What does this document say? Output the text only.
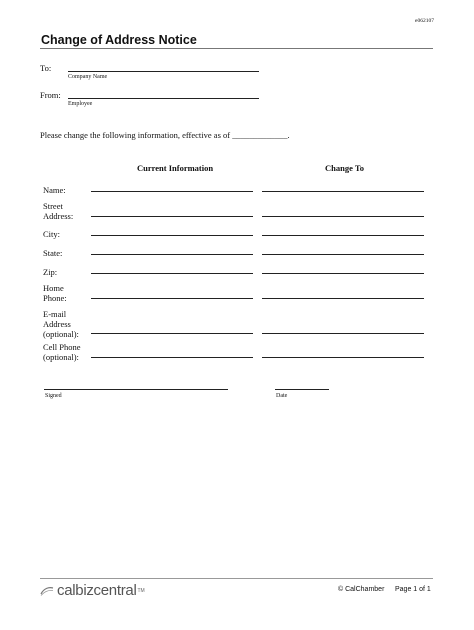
e062107
Change of Address Notice
To:
Company Name
From:
Employee
Please change the following information, effective as of _____________.
Current Information	Change To
Name:
Street
Address:
City:
State:
Zip:
Home
Phone:
E-mail
Address
(optional):
Cell Phone
(optional):
Signed	Date
calbizcentral TM	© CalChamber Page 1 of 1
